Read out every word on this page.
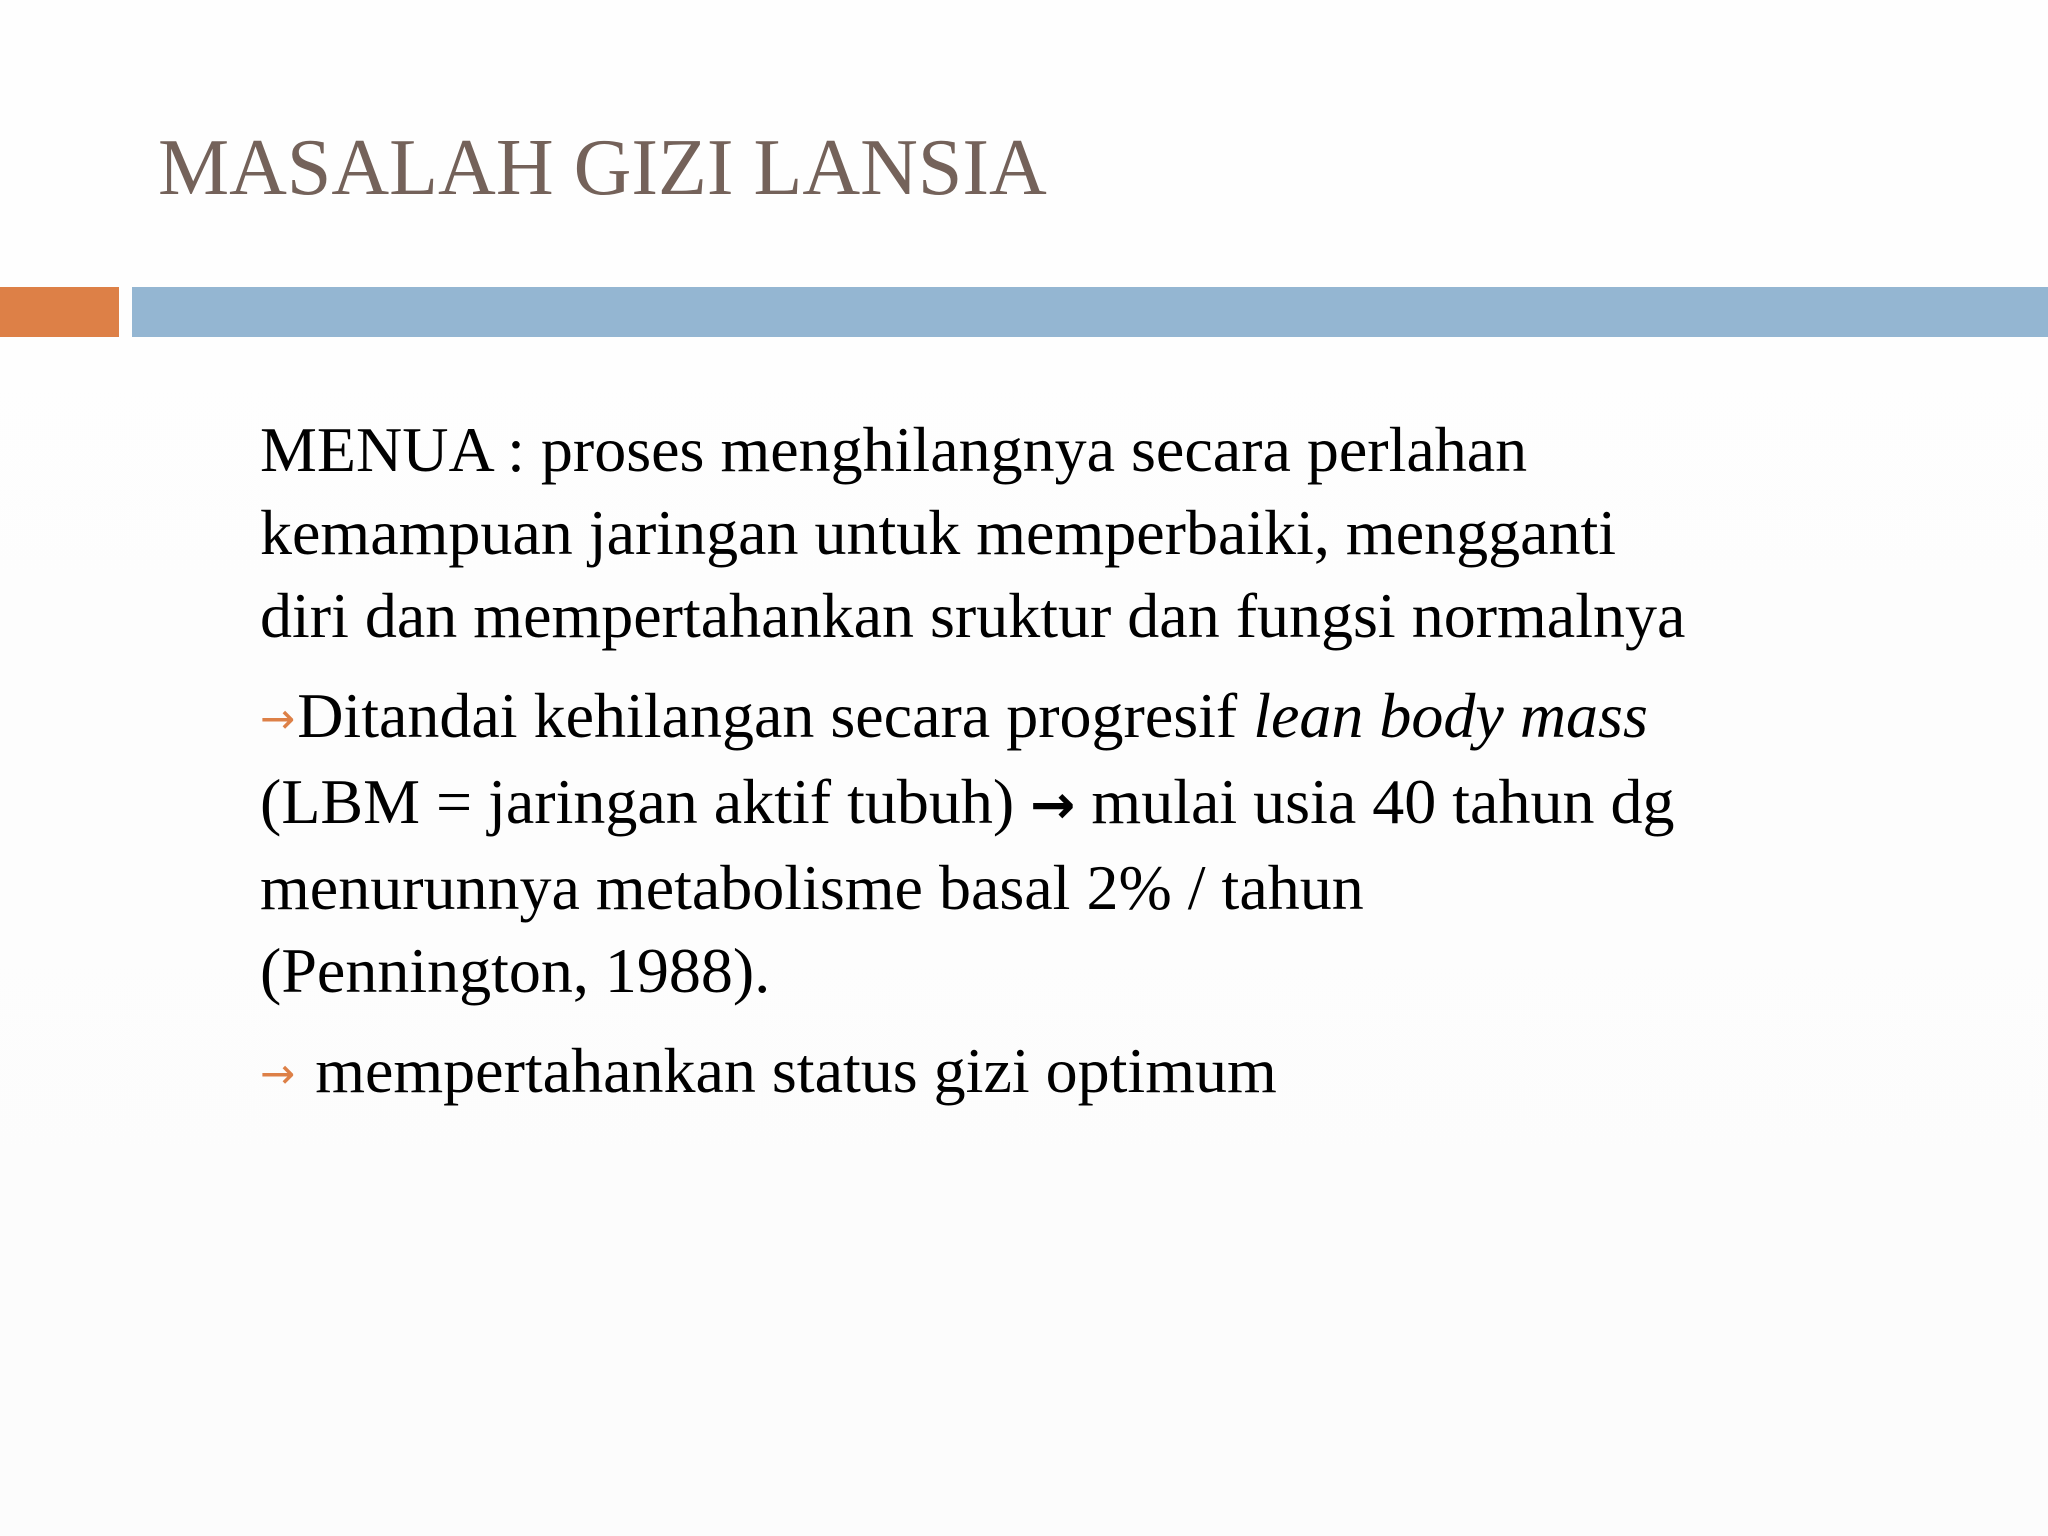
MASALAH GIZI LANSIA

MENUA : proses menghilangnya secara perlahan
kemampuan jaringan untuk memperbaiki, mengganti
diri dan mempertahankan sruktur dan fungsi normalnya

→Ditandai kehilangan secara progresif lean body mass
(LBM = jaringan aktif tubuh) → mulai usia 40 tahun dg
menurunnya metabolisme basal 2% / tahun
(Pennington, 1988).

→ mempertahankan status gizi optimum
